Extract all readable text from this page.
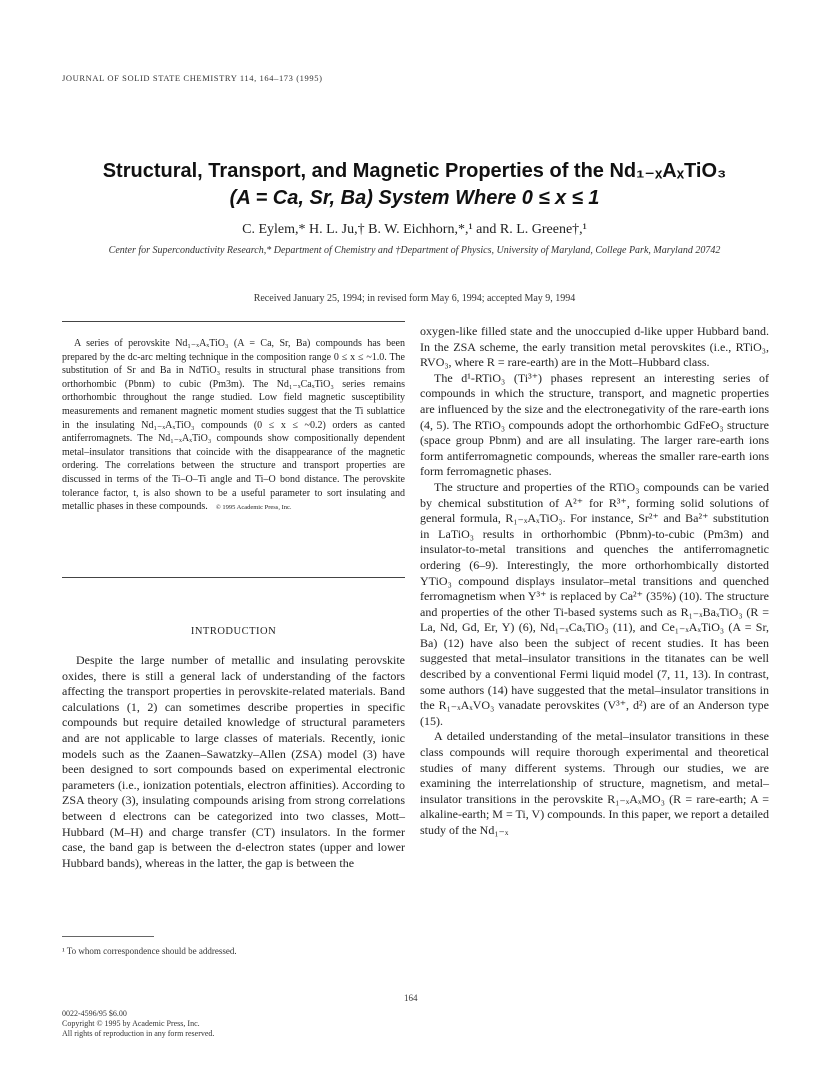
JOURNAL OF SOLID STATE CHEMISTRY 114, 164–173 (1995)
Structural, Transport, and Magnetic Properties of the Nd₁₋ₓAₓTiO₃
(A = Ca, Sr, Ba) System Where 0 ≤ x ≤ 1
C. Eylem,* H. L. Ju,† B. W. Eichhorn,*,¹ and R. L. Greene†,¹
Center for Superconductivity Research,* Department of Chemistry and †Department of Physics, University of Maryland, College Park, Maryland 20742
Received January 25, 1994; in revised form May 6, 1994; accepted May 9, 1994
A series of perovskite Nd₁₋ₓAₓTiO₃ (A = Ca, Sr, Ba) compounds has been prepared by the dc-arc melting technique in the composition range 0 ≤ x ≤ ~1.0. The substitution of Sr and Ba in NdTiO₃ results in structural phase transitions from orthorhombic (Pbnm) to cubic (Pm3m). The Nd₁₋ₓCaₓTiO₃ series remains orthorhombic throughout the range studied. Low field magnetic susceptibility measurements and remanent magnetic moment studies suggest that the Ti sublattice in the insulating Nd₁₋ₓAₓTiO₃ compounds (0 ≤ x ≤ ~0.2) orders as canted antiferromagnets. The Nd₁₋ₓAₓTiO₃ compounds show compositionally dependent metal–insulator transitions that coincide with the disappearance of the magnetic ordering. The correlations between the structure and transport properties are discussed in terms of the Ti–O–Ti angle and Ti–O bond distance. The perovskite tolerance factor, t, is also shown to be a useful parameter to sort insulating and metallic phases in these compounds. © 1995 Academic Press, Inc.
INTRODUCTION

Despite the large number of metallic and insulating perovskite oxides, there is still a general lack of understanding of the factors affecting the transport properties in perovskite-related materials. Band calculations (1, 2) can sometimes describe properties in specific compounds but require detailed knowledge of structural parameters and are not applicable to large classes of materials. Recently, ionic models such as the Zaanen–Sawatzky–Allen (ZSA) model (3) have been designed to sort compounds based on experimental electronic parameters (i.e., ionization potentials, electron affinities). According to ZSA theory (3), insulating compounds arising from strong correlations between d electrons can be categorized into two classes, Mott–Hubbard (M–H) and charge transfer (CT) insulators. In the former case, the band gap is between the d-electron states (upper and lower Hubbard bands), whereas in the latter, the gap is between the

¹ To whom correspondence should be addressed.

oxygen-like filled state and the unoccupied d-like upper Hubbard band. In the ZSA scheme, the early transition metal perovskites (i.e., RTiO₃, RVO₃, where R = rare-earth) are in the Mott–Hubbard class.

The d¹-RTiO₃ (Ti³⁺) phases represent an interesting series of compounds in which the structure, transport, and magnetic properties are influenced by the size and the electronegativity of the rare-earth ions (4, 5). The RTiO₃ compounds adopt the orthorhombic GdFeO₃ structure (space group Pbnm) and are all insulating. The larger rare-earth ions form antiferromagnetic compounds, whereas the smaller rare-earth ions form ferromagnetic phases.

The structure and properties of the RTiO₃ compounds can be varied by chemical substitution of A²⁺ for R³⁺, forming solid solutions of general formula, R₁₋ₓAₓTiO₃. For instance, Sr²⁺ and Ba²⁺ substitution in LaTiO₃ results in orthorhombic (Pbnm)-to-cubic (Pm3m) and insulator-to-metal transitions and quenches the antiferromagnetic ordering (6–9). Interestingly, the more orthorhombically distorted YTiO₃ compound displays insulator–metal transitions and quenched ferromagnetism when Y³⁺ is replaced by Ca²⁺ (35%) (10). The structure and properties of the other Ti-based systems such as R₁₋ₓBaₓTiO₃ (R = La, Nd, Gd, Er, Y) (6), Nd₁₋ₓCaₓTiO₃ (11), and Ce₁₋ₓAₓTiO₃ (A = Sr, Ba) (12) have also been the subject of recent studies. It has been suggested that metal–insulator transitions in the titanates can be well described by a conventional Fermi liquid model (7, 11, 13). In contrast, some authors (14) have suggested that the metal–insulator transitions in the R₁₋ₓAₓVO₃ vanadate perovskites (V³⁺, d²) are of an Anderson type (15).

A detailed understanding of the metal–insulator transitions in these class compounds will require thorough experimental and theoretical studies of many different systems. Through our studies, we are examining the interrelationship of structure, magnetism, and metal–insulator transitions in the perovskite R₁₋ₓAₓMO₃ (R = rare-earth; A = alkaline-earth; M = Ti, V) compounds. In this paper, we report a detailed study of the Nd₁₋ₓ

164
0022-4596/95 $6.00
Copyright © 1995 by Academic Press, Inc.
All rights of reproduction in any form reserved.
